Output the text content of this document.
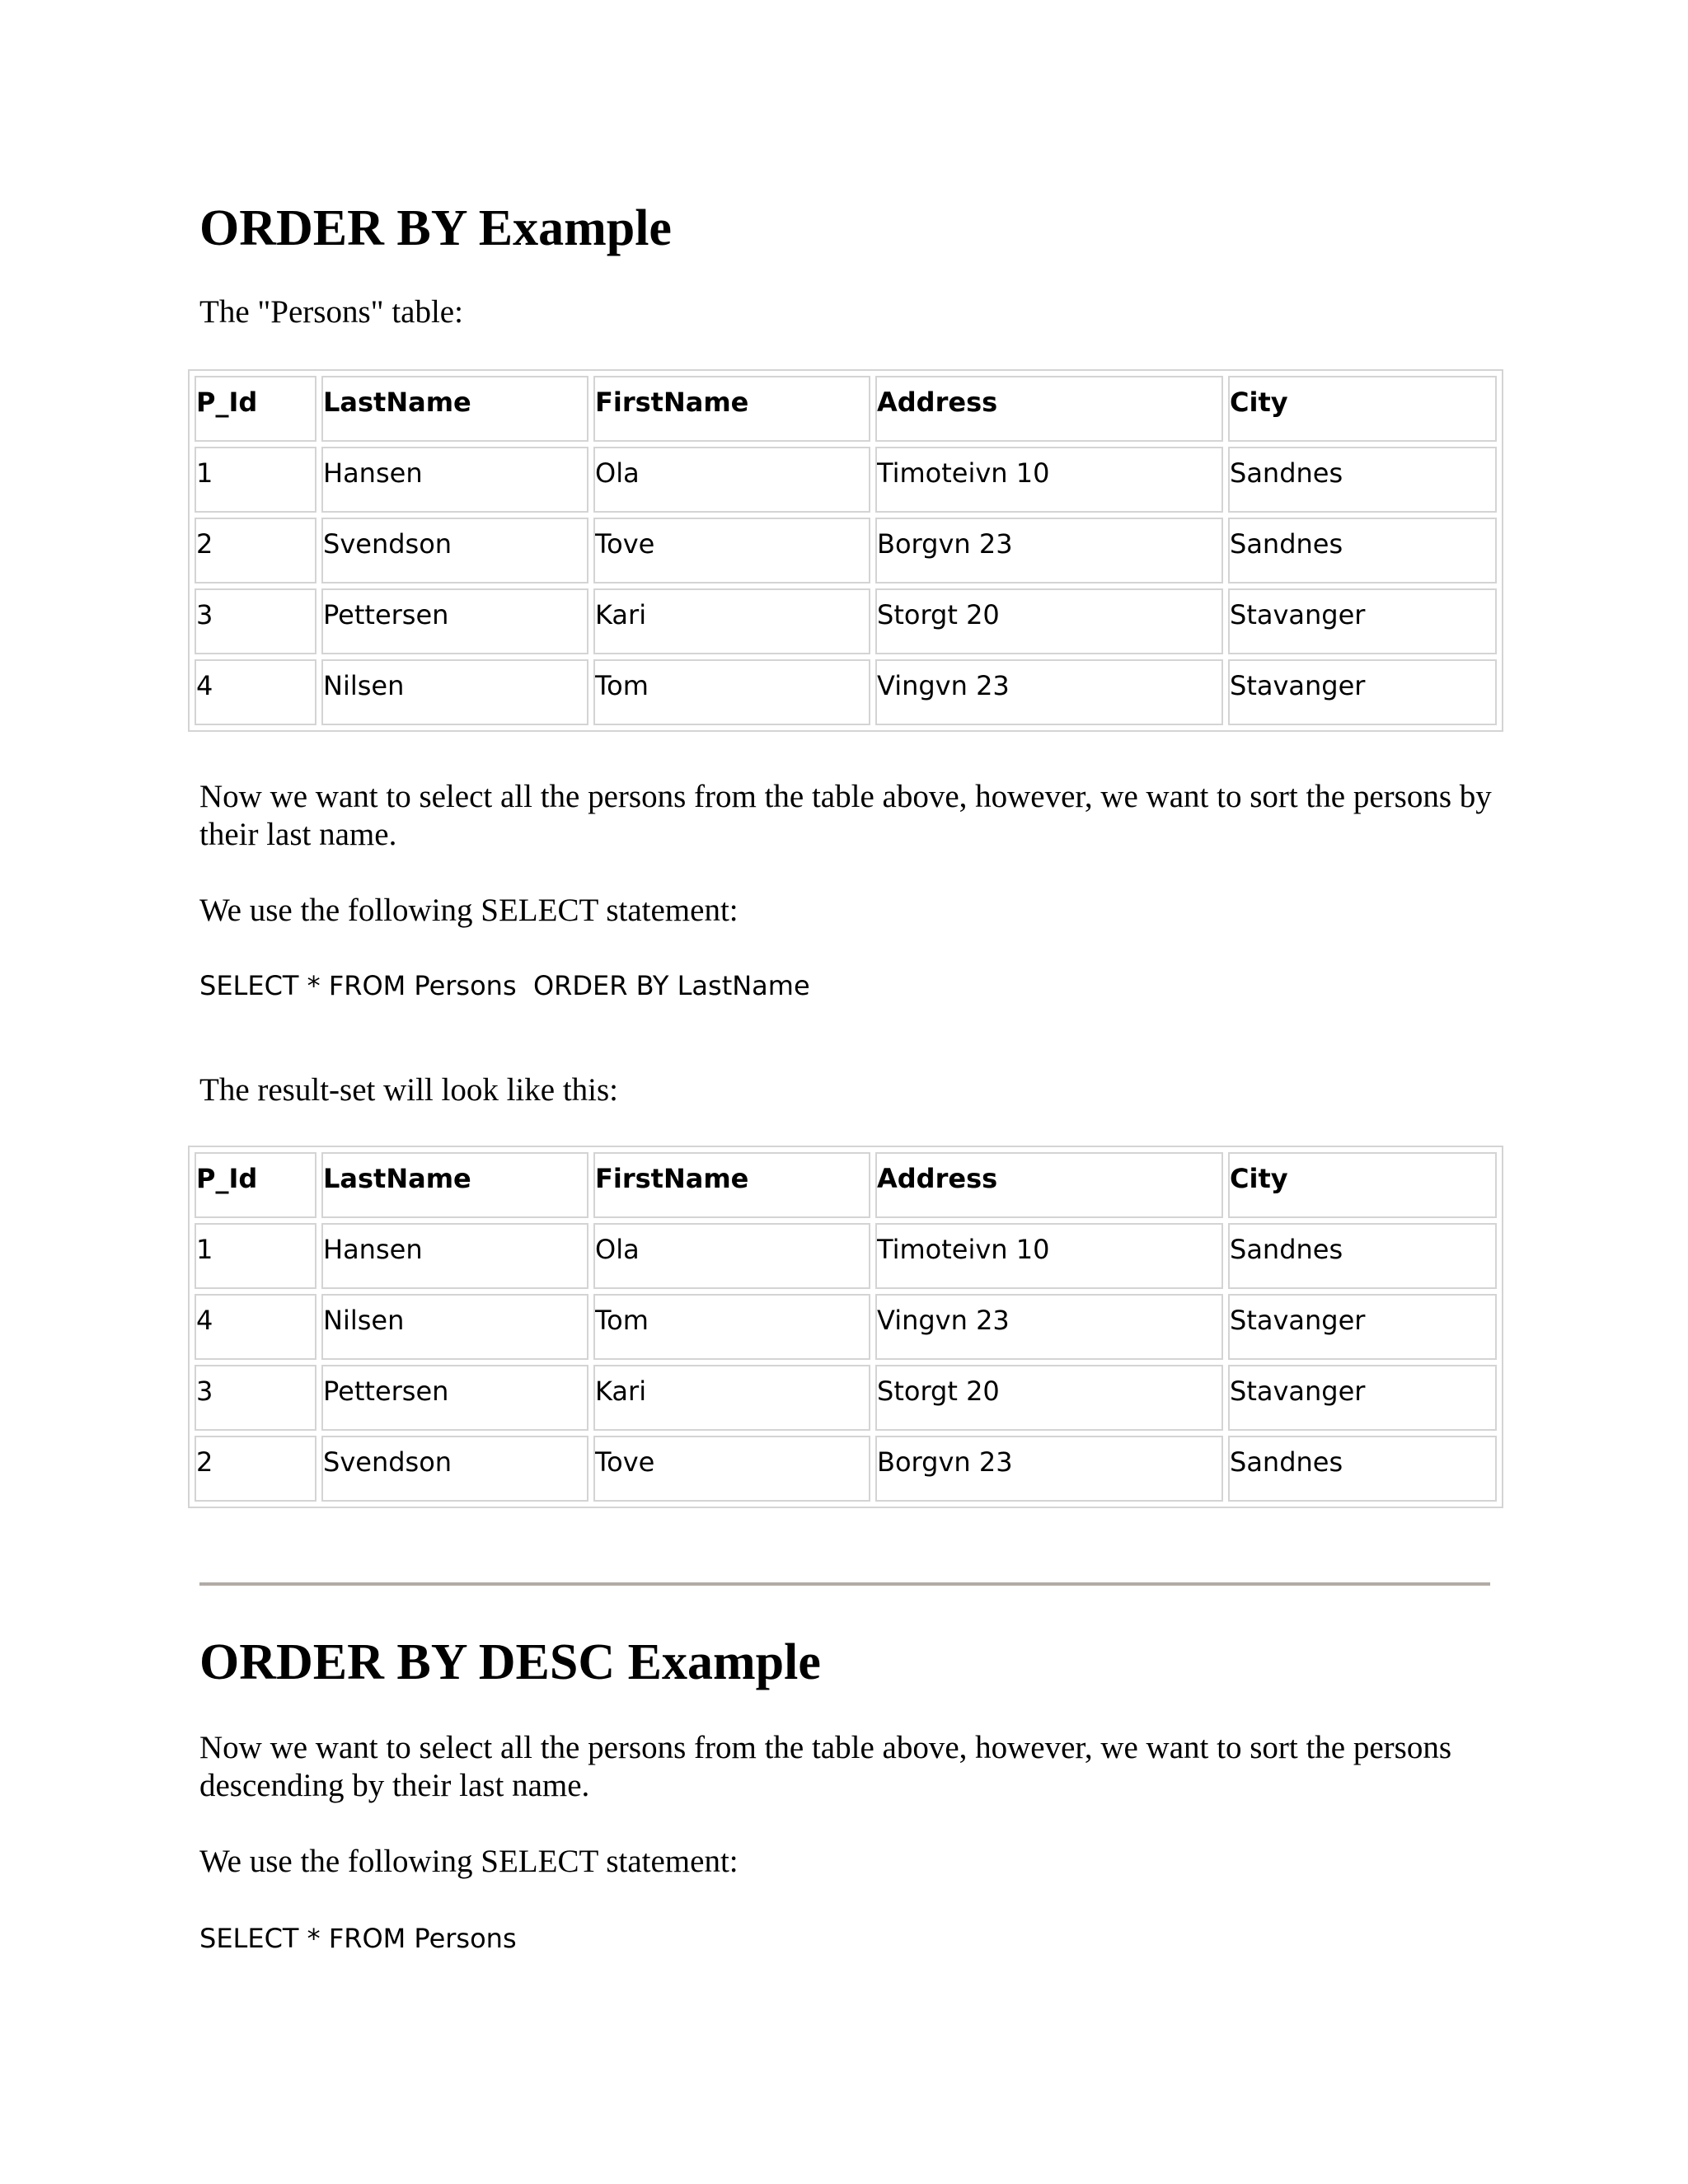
ORDER BY Example

The "Persons" table:

P_Id	LastName	FirstName	Address	City
1	Hansen	Ola	Timoteivn 10	Sandnes
2	Svendson	Tove	Borgvn 23	Sandnes
3	Pettersen	Kari	Storgt 20	Stavanger
4	Nilsen	Tom	Vingvn 23	Stavanger

Now we want to select all the persons from the table above, however, we want to sort the persons by their last name.

We use the following SELECT statement:

SELECT * FROM Persons  ORDER BY LastName

The result-set will look like this:

P_Id	LastName	FirstName	Address	City
1	Hansen	Ola	Timoteivn 10	Sandnes
4	Nilsen	Tom	Vingvn 23	Stavanger
3	Pettersen	Kari	Storgt 20	Stavanger
2	Svendson	Tove	Borgvn 23	Sandnes
ORDER BY DESC Example

Now we want to select all the persons from the table above, however, we want to sort the persons descending by their last name.

We use the following SELECT statement:

SELECT * FROM Persons
